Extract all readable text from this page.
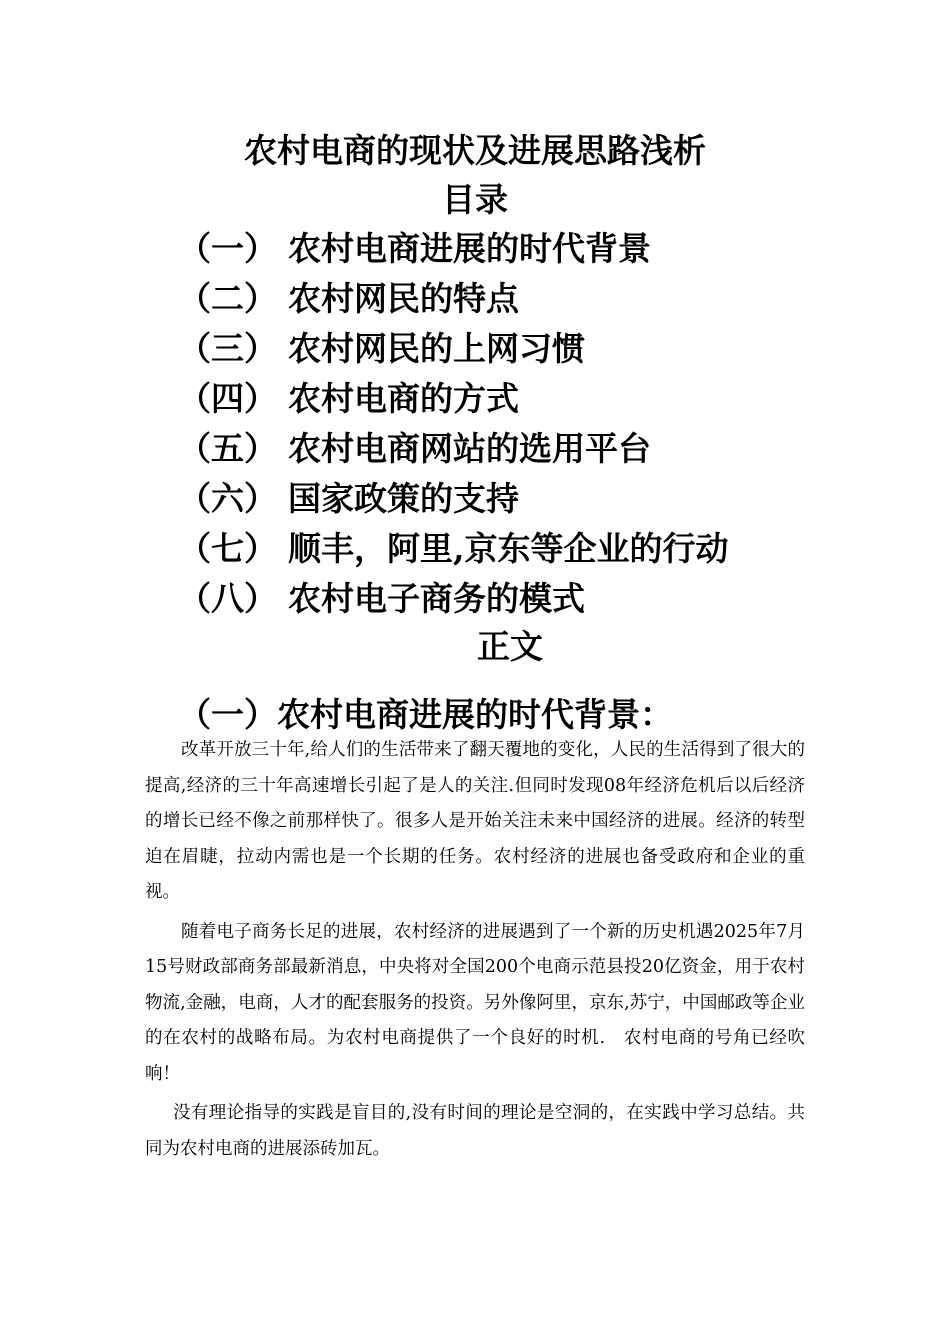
农村电商的现状及进展思路浅析
目录
（一） 农村电商进展的时代背景
（二） 农村网民的特点
（三） 农村网民的上网习惯
（四） 农村电商的方式
（五） 农村电商网站的选用平台
（六） 国家政策的支持
（七） 顺丰，阿里,京东等企业的行动
（八） 农村电子商务的模式
正文
（一）农村电商进展的时代背景：

改革开放三十年,给人们的生活带来了翻天覆地的变化，人民的生活得到了很大的提高,经济的三十年高速增长引起了是人的关注.但同时发现08年经济危机后以后经济的增长已经不像之前那样快了。很多人是开始关注未来中国经济的进展。经济的转型迫在眉睫，拉动内需也是一个长期的任务。农村经济的进展也备受政府和企业的重视。

随着电子商务长足的进展，农村经济的进展遇到了一个新的历史机遇2025年7月15号财政部商务部最新消息，中央将对全国200个电商示范县投20亿资金，用于农村物流,金融，电商，人才的配套服务的投资。另外像阿里，京东,苏宁，中国邮政等企业的在农村的战略布局。为农村电商提供了一个良好的时机.　农村电商的号角已经吹响！

没有理论指导的实践是盲目的,没有时间的理论是空洞的，在实践中学习总结。共同为农村电商的进展添砖加瓦。
